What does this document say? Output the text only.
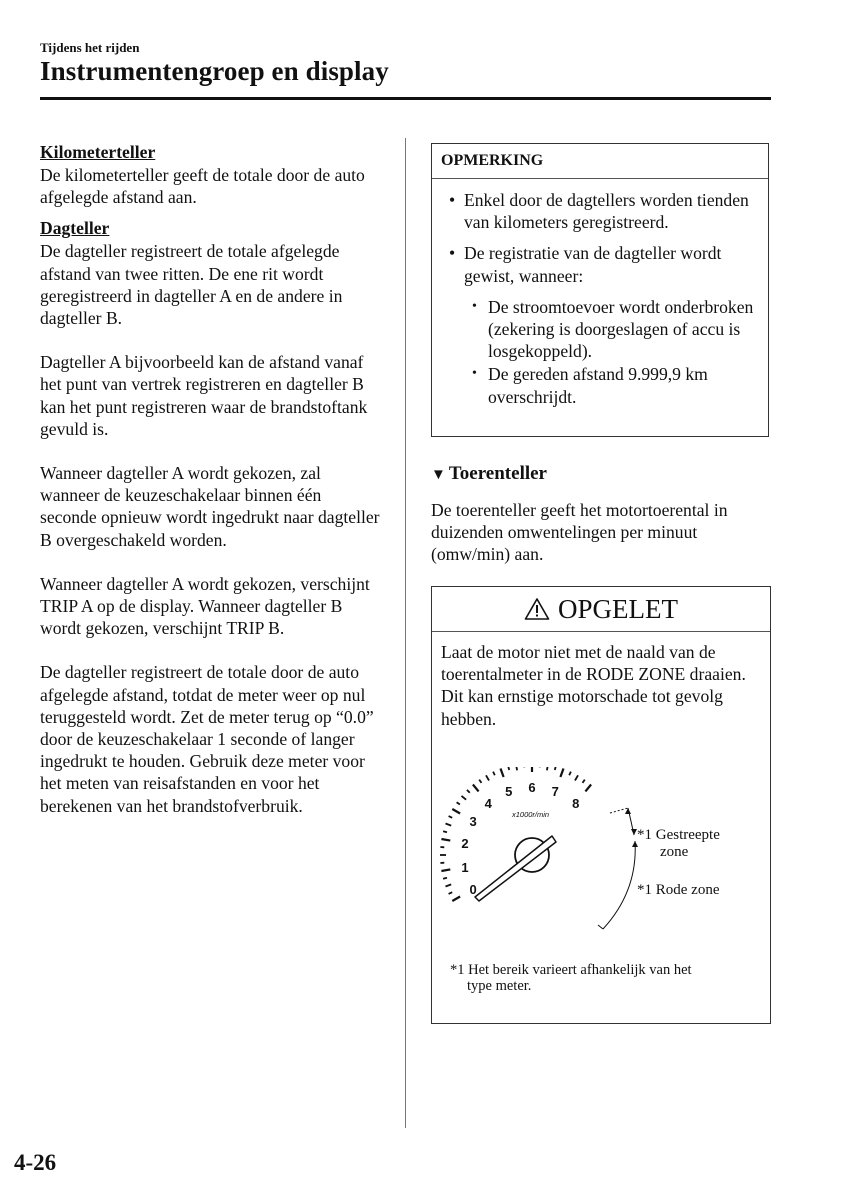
Tijdens het rijden
Instrumentengroep en display
Kilometerteller

De kilometerteller geeft de totale door de auto afgelegde afstand aan.

Dagteller

De dagteller registreert de totale afgelegde afstand van twee ritten. De ene rit wordt geregistreerd in dagteller A en de andere in dagteller B.

Dagteller A bijvoorbeeld kan de afstand vanaf het punt van vertrek registreren en dagteller B kan het punt registreren waar de brandstoftank gevuld is.

Wanneer dagteller A wordt gekozen, zal wanneer de keuzeschakelaar binnen één seconde opnieuw wordt ingedrukt naar dagteller B overgeschakeld worden.

Wanneer dagteller A wordt gekozen, verschijnt TRIP A op de display. Wanneer dagteller B wordt gekozen, verschijnt TRIP B.

De dagteller registreert de totale door de auto afgelegde afstand, totdat de meter weer op nul teruggesteld wordt. Zet de meter terug op “0.0” door de keuzeschakelaar 1 seconde of langer ingedrukt te houden. Gebruik deze meter voor het meten van reisafstanden en voor het berekenen van het brandstofverbruik.

OPMERKING
• Enkel door de dagtellers worden tienden van kilometers geregistreerd.
• De registratie van de dagteller wordt gewist, wanneer:
• De stroomtoevoer wordt onderbroken (zekering is doorgeslagen of accu is losgekoppeld).
• De gereden afstand 9.999,9 km overschrijdt.
▼ Toerenteller
De toerenteller geeft het motortoerental in duizenden omwentelingen per minuut (omw/min) aan.
OPGELET
Laat de motor niet met de naald van de toerentalmeter in de RODE ZONE draaien.
Dit kan ernstige motorschade tot gevolg hebben.
0
1
2
3
4
5 6 7
8
x1000r/min
*1 Gestreepte
zone
*1 Rode zone
*1 Het bereik varieert afhankelijk van het
type meter.
4-26
